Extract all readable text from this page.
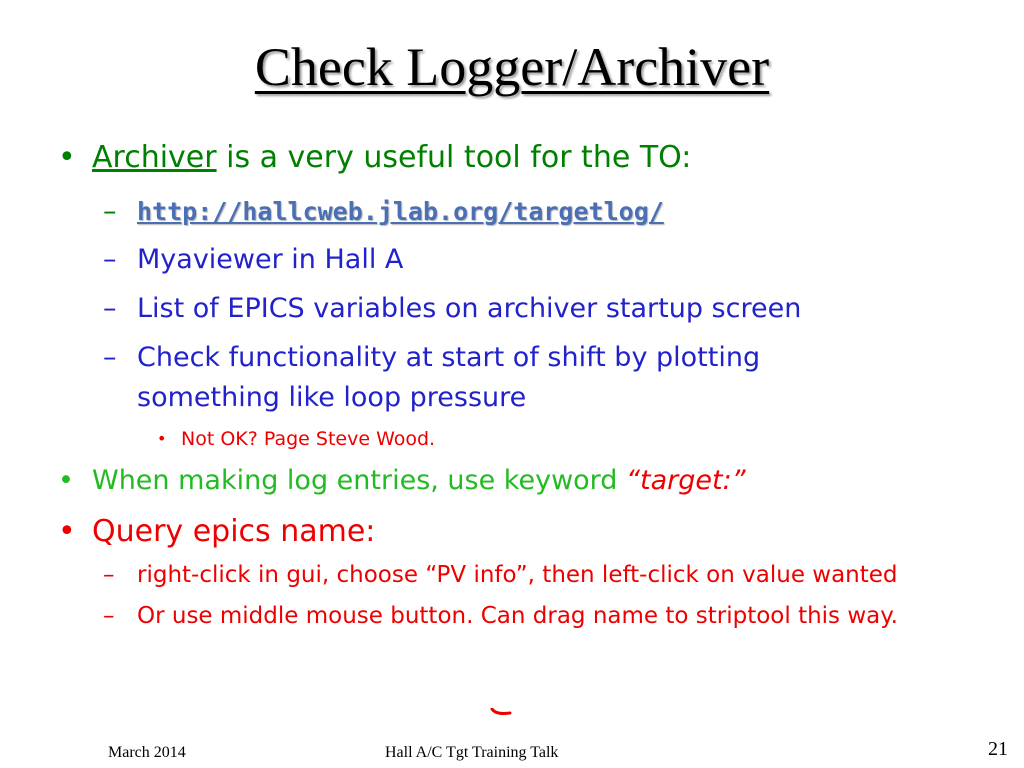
Check Logger/Archiver
• Archiver is a very useful tool for the TO:
– http://hallcweb.jlab.org/targetlog/
– Myaviewer in Hall A
– List of EPICS variables on archiver startup screen
– Check functionality at start of shift by plotting
something like loop pressure
• Not OK? Page Steve Wood.
• When making log entries, use keyword “target:”
• Query epics name:
– right-click in gui, choose “PV info”, then left-click on value wanted
– Or use middle mouse button. Can drag name to striptool this way.
March 2014	Hall A/C Tgt Training Talk	21
